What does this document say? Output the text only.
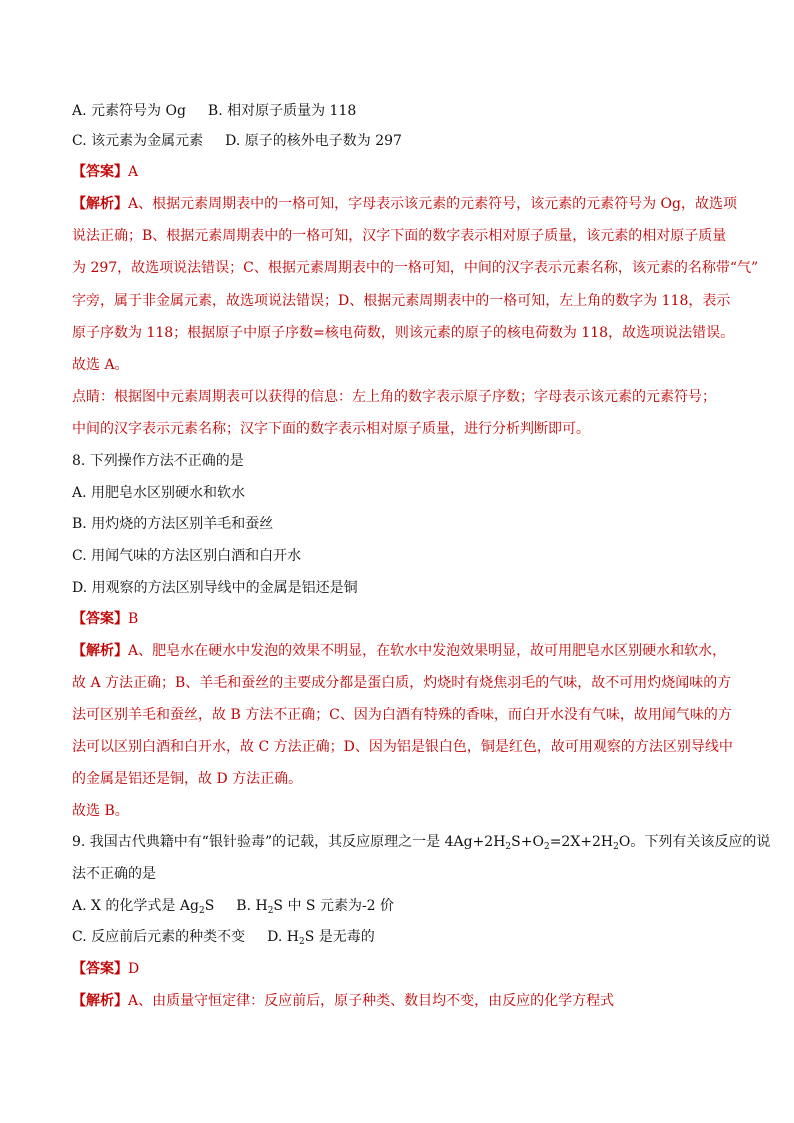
A. 元素符号为 Og B. 相对原子质量为 118
C. 该元素为金属元素 D. 原子的核外电子数为 297
【答案】A
【解析】A、根据元素周期表中的一格可知，字母表示该元素的元素符号，该元素的元素符号为 Og，故选项
说法正确；B、根据元素周期表中的一格可知，汉字下面的数字表示相对原子质量，该元素的相对原子质量
为 297，故选项说法错误；C、根据元素周期表中的一格可知，中间的汉字表示元素名称，该元素的名称带“气”
字旁，属于非金属元素，故选项说法错误；D、根据元素周期表中的一格可知，左上角的数字为 118，表示
原子序数为 118；根据原子中原子序数=核电荷数，则该元素的原子的核电荷数为 118，故选项说法错误。
故选 A。
点睛：根据图中元素周期表可以获得的信息：左上角的数字表示原子序数；字母表示该元素的元素符号；
中间的汉字表示元素名称；汉字下面的数字表示相对原子质量，进行分析判断即可。
8. 下列操作方法不正确的是
A. 用肥皂水区别硬水和软水
B. 用灼烧的方法区别羊毛和蚕丝
C. 用闻气味的方法区别白酒和白开水
D. 用观察的方法区别导线中的金属是铝还是铜
【答案】B
【解析】A、肥皂水在硬水中发泡的效果不明显，在软水中发泡效果明显，故可用肥皂水区别硬水和软水，
故 A 方法正确；B、羊毛和蚕丝的主要成分都是蛋白质，灼烧时有烧焦羽毛的气味，故不可用灼烧闻味的方
法可区别羊毛和蚕丝，故 B 方法不正确；C、因为白酒有特殊的香味，而白开水没有气味，故用闻气味的方
法可以区别白酒和白开水，故 C 方法正确；D、因为铝是银白色，铜是红色，故可用观察的方法区别导线中
的金属是铝还是铜，故 D 方法正确。
故选 B。
9. 我国古代典籍中有“银针验毒”的记载，其反应原理之一是 $4Ag+2H_2S+O_2=2X+2H_2O$。下列有关该反应的说
法不正确的是
A. X 的化学式是 $Ag_2S$ B. $H_2S$ 中 S 元素为-2 价
C. 反应前后元素的种类不变 D. $H_2S$ 是无毒的
【答案】D
【解析】A、由质量守恒定律：反应前后，原子种类、数目均不变，由反应的化学方程式
